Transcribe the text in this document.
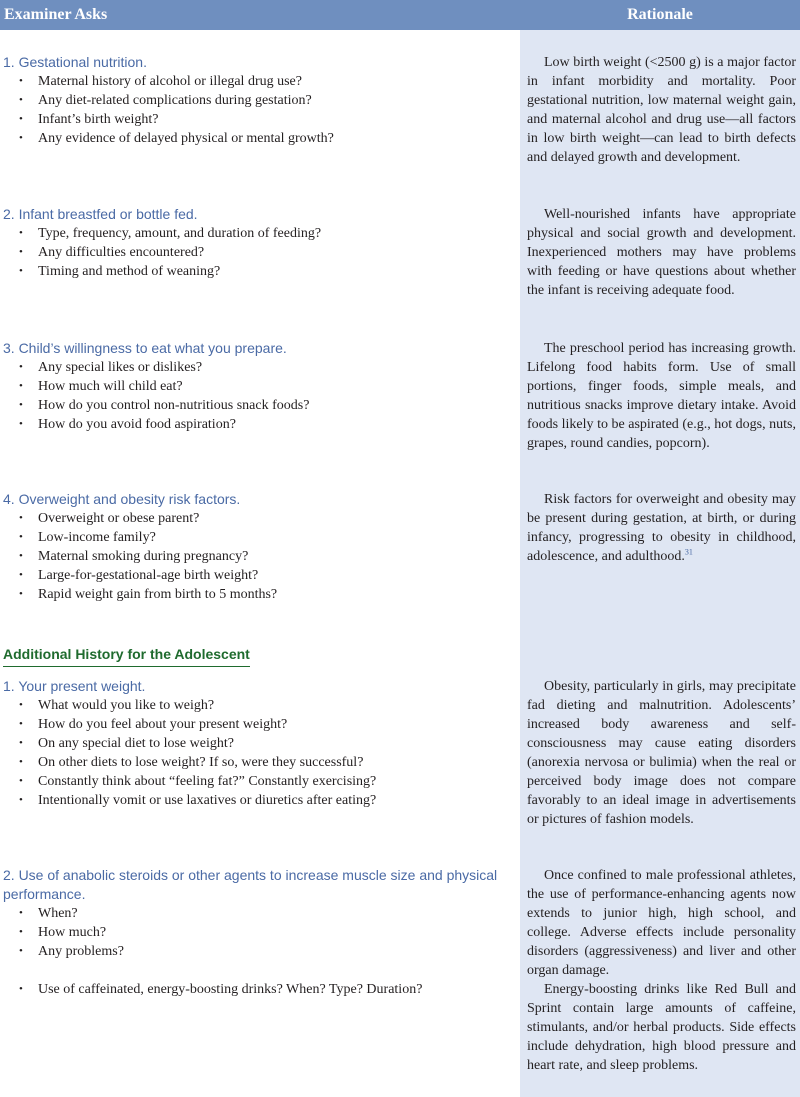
Examiner Asks	Rationale
1. Gestational nutrition.
• Maternal history of alcohol or illegal drug use?
• Any diet-related complications during gestation?
• Infant’s birth weight?
• Any evidence of delayed physical or mental growth?
Low birth weight (<2500 g) is a major factor in infant morbidity and mortality. Poor gestational nutrition, low maternal weight gain, and maternal alcohol and drug use—all factors in low birth weight—can lead to birth defects and delayed growth and development.
2. Infant breastfed or bottle fed.
• Type, frequency, amount, and duration of feeding?
• Any difficulties encountered?
• Timing and method of weaning?
Well-nourished infants have appropriate physical and social growth and development. Inexperienced mothers may have problems with feeding or have questions about whether the infant is receiving adequate food.
3. Child’s willingness to eat what you prepare.
• Any special likes or dislikes?
• How much will child eat?
• How do you control non-nutritious snack foods?
• How do you avoid food aspiration?
The preschool period has increasing growth. Lifelong food habits form. Use of small portions, finger foods, simple meals, and nutritious snacks improve dietary intake. Avoid foods likely to be aspirated (e.g., hot dogs, nuts, grapes, round candies, popcorn).
4. Overweight and obesity risk factors.
• Overweight or obese parent?
• Low-income family?
• Maternal smoking during pregnancy?
• Large-for-gestational-age birth weight?
• Rapid weight gain from birth to 5 months?
Risk factors for overweight and obesity may be present during gestation, at birth, or during infancy, progressing to obesity in childhood, adolescence, and adulthood.$^{31}$
Additional History for the Adolescent
1. Your present weight.
• What would you like to weigh?
• How do you feel about your present weight?
• On any special diet to lose weight?
• On other diets to lose weight? If so, were they successful?
• Constantly think about “feeling fat?” Constantly exercising?
• Intentionally vomit or use laxatives or diuretics after eating?
Obesity, particularly in girls, may precipitate fad dieting and malnutrition. Adolescents’ increased body awareness and self-consciousness may cause eating disorders (anorexia nervosa or bulimia) when the real or perceived body image does not compare favorably to an ideal image in advertisements or pictures of fashion models.
2. Use of anabolic steroids or other agents to increase muscle size and physical performance.
• When?
• How much?
• Any problems?
• Use of caffeinated, energy-boosting drinks? When? Type? Duration?
Once confined to male professional athletes, the use of performance-enhancing agents now extends to junior high, high school, and college. Adverse effects include personality disorders (aggressiveness) and liver and other organ damage.
Energy-boosting drinks like Red Bull and Sprint contain large amounts of caffeine, stimulants, and/or herbal products. Side effects include dehydration, high blood pressure and heart rate, and sleep problems.
